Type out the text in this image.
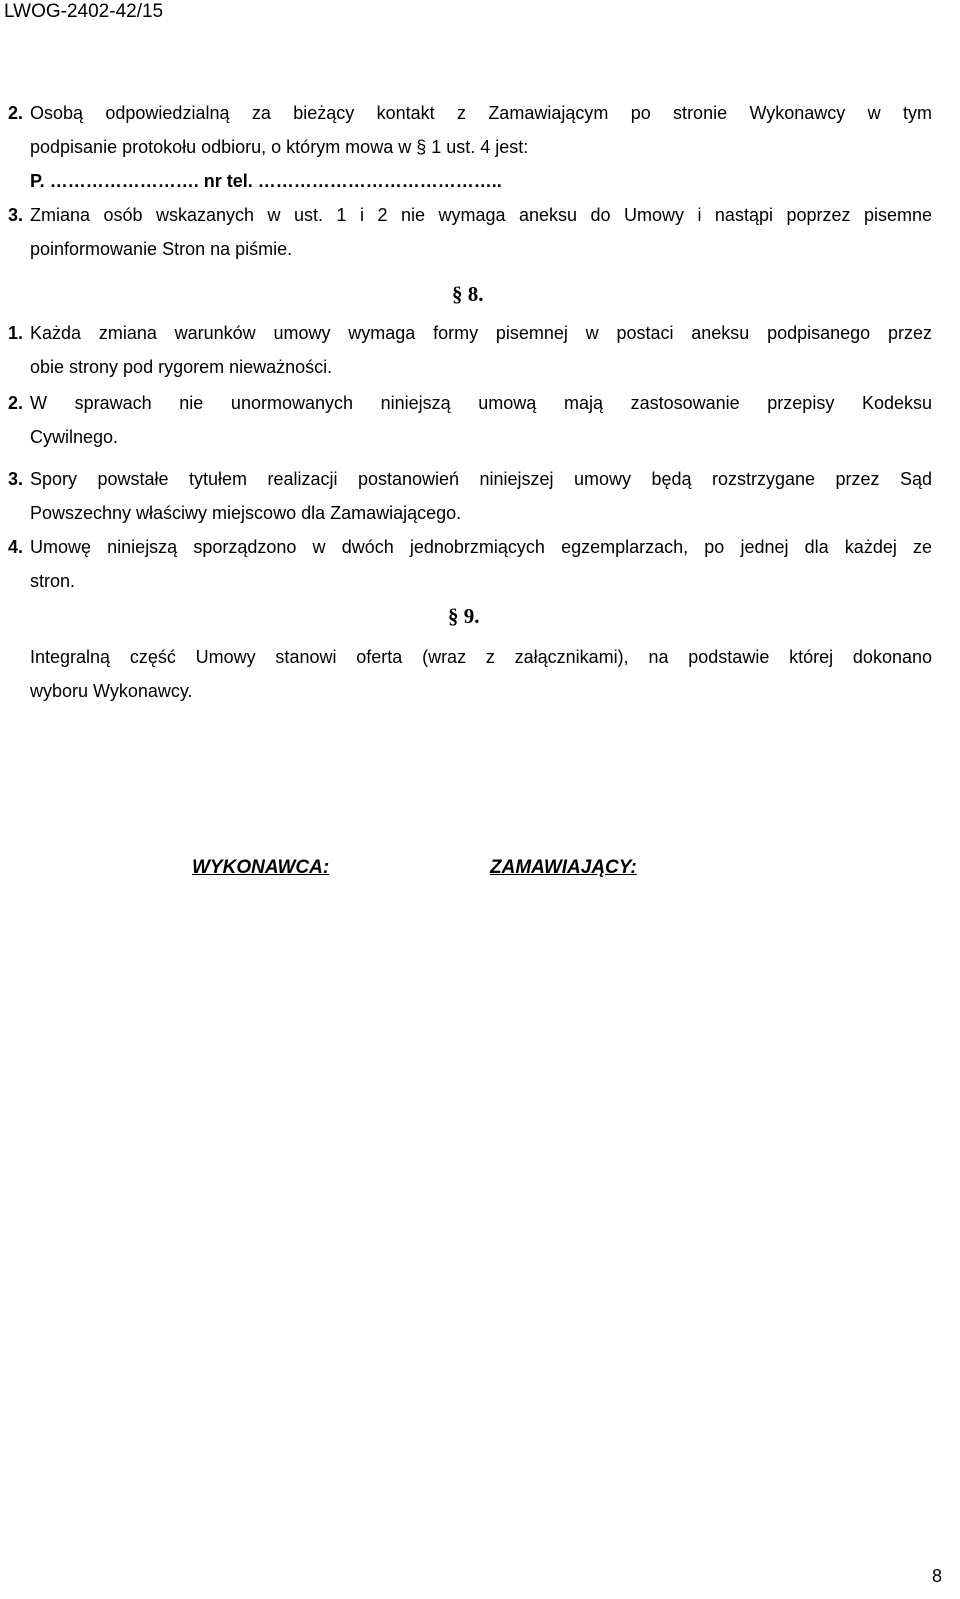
LWOG-2402-42/15
2. Osobą odpowiedzialną za bieżący kontakt z Zamawiającym po stronie Wykonawcy w tym
podpisanie protokołu odbioru, o którym mowa w § 1 ust. 4 jest:
P. ……………………. nr tel. …………………………………..
3. Zmiana osób wskazanych w ust. 1 i 2 nie wymaga aneksu do Umowy i nastąpi poprzez pisemne
poinformowanie Stron na piśmie.
§ 8.
1. Każda zmiana warunków umowy wymaga formy pisemnej w postaci aneksu podpisanego przez
obie strony pod rygorem nieważności.
2. W sprawach nie unormowanych niniejszą umową mają zastosowanie przepisy Kodeksu
Cywilnego.
3. Spory powstałe tytułem realizacji postanowień niniejszej umowy będą rozstrzygane przez Sąd
Powszechny właściwy miejscowo dla Zamawiającego.
4. Umowę niniejszą sporządzono w dwóch jednobrzmiących egzemplarzach, po jednej dla każdej ze
stron.
§ 9.
Integralną część Umowy stanowi oferta (wraz z załącznikami), na podstawie której dokonano
wyboru Wykonawcy.
WYKONAWCA:	ZAMAWIAJĄCY:
8
